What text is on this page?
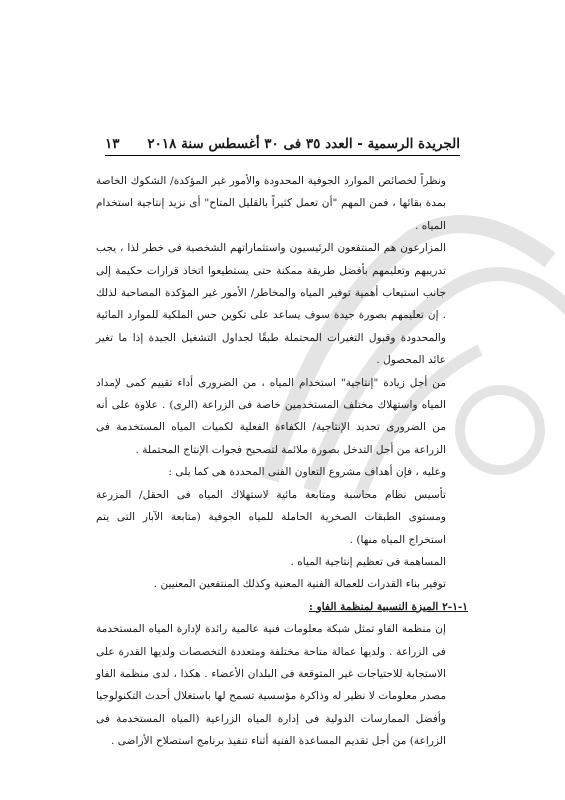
الجريدة الرسمية - العدد ٣٥ فى ٣٠ أغسطس سنة ٢٠١٨
١٣

ونظراً لخصائص الموارد الجوفية المحدودة والأمور غير المؤكدة/ الشكوك الخاصة بمدة بقائها ، فمن المهم "أن تعمل كثيراً بالقليل المتاح" أى نزيد إنتاجية استخدام المياه .

المزارعون هم المنتفعون الرئيسيون واستثماراتهم الشخصية فى خطر لذا ، يجب تدريبهم وتعليمهم بأفضل طريقة ممكنة حتى يستطيعوا اتخاذ قرارات حكيمة إلى جانب استيعاب أهمية توفير المياه والمخاطر/ الأمور غير المؤكدة المصاحبة لذلك . إن تعليمهم بصورة جيدة سوف يساعد على تكوين حس الملكية للموارد المائية والمحدودة وقبول التغيرات المحتملة طبقًا لجداول التشغيل الجيدة إذا ما تغير عائد المحصول .

من أجل زيادة "إنتاجية" استخدام المياه ، من الضرورى أداء تقييم كمى لإمداد المياه واستهلاك مختلف المستخدمين خاصة فى الزراعة (الرى) . علاوة على أنه من الضرورى تحديد الإنتاجية/ الكفاءة الفعلية لكميات المياه المستخدمة فى الزراعة من أجل التدخل بصورة ملائمة لتصحيح فجوات الإنتاج المحتملة .

وعليه ، فإن أهداف مشروع التعاون الفنى المحددة هى كما يلى :

تأسيس نظام محاسبة ومتابعة مائية لاستهلاك المياه فى الحقل/ المزرعة ومستوى الطبقات الصخرية الحاملة للمياه الجوفية (متابعة الآبار التى يتم استخراج المياه منها) .

المساهمة فى تعظيم إنتاجية المياه .

توفير بناء القدرات للعمالة الفنية المعنية وكذلك المنتفعين المعنيين .

١-١-٢ الميزة النسبية لمنظمة الفاو :

إن منظمة الفاو تمثل شبكة معلومات فنية عالمية رائدة لإدارة المياه المستخدمة فى الزراعة . ولديها عمالة متاحة مختلفة ومتعددة التخصصات ولديها القدرة على الاستجابة للاحتياجات غير المتوقعة فى البلدان الأعضاء . هكذا ، لدى منظمة الفاو مصدر معلومات لا نظير له وذاكرة مؤسسية تسمح لها باستغلال أحدث التكنولوجيا وأفضل الممارسات الدولية فى إدارة المياه الزراعية (المياه المستخدمة فى الزراعة) من أجل تقديم المساعدة الفنية أثناء تنفيذ برنامج استصلاح الأراضى .
